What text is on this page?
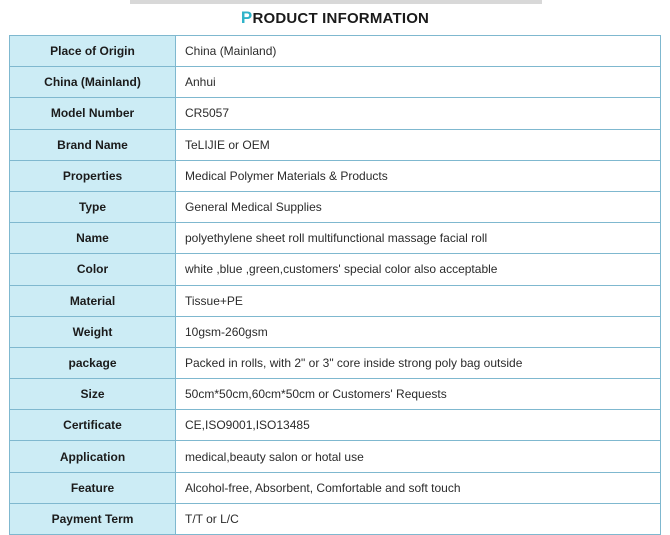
PRODUCT INFORMATION
Place of Origin	China (Mainland)
China (Mainland)	Anhui
Model Number	CR5057
Brand Name	TeLIJIE or OEM
Properties	Medical Polymer Materials & Products
Type	General Medical Supplies
Name	polyethylene sheet roll multifunctional massage facial roll
Color	white ,blue ,green,customers' special color also acceptable
Material	Tissue+PE
Weight	10gsm-260gsm
package	Packed in rolls, with 2" or 3" core inside strong poly bag outside
Size	50cm*50cm,60cm*50cm or Customers' Requests
Certificate	CE,ISO9001,ISO13485
Application	medical,beauty salon or hotal use
Feature	Alcohol-free, Absorbent, Comfortable and soft touch
Payment Term	T/T or L/C
